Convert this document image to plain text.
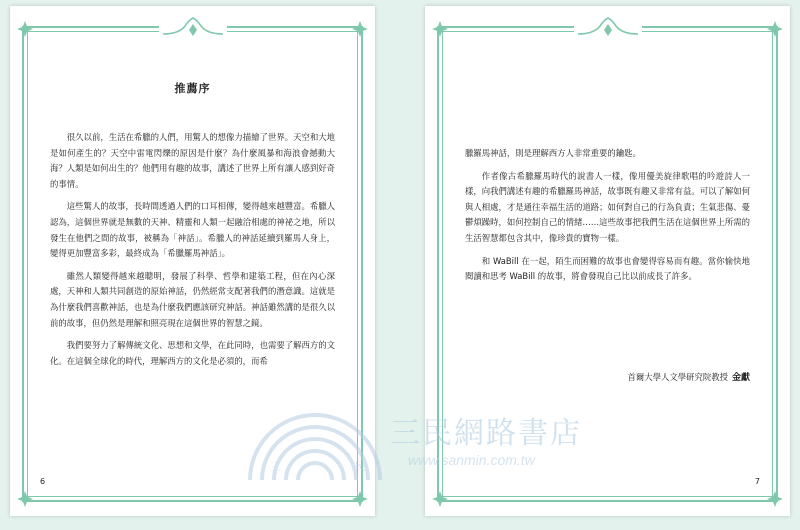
推薦序

很久以前，生活在希臘的人們，用驚人的想像力描繪了世界。天空和大地是如何產生的？天空中雷電閃爍的原因是什麼？為什麼風暴和海浪會撼動大海？人類是如何出生的？他們用有趣的故事，講述了世界上所有讓人感到好奇的事情。

這些驚人的故事，長時間透過人們的口耳相傳，變得越來越豐富。希臘人認為，這個世界就是無數的天神、精靈和人類一起融洽相處的神祕之地，所以發生在他們之間的故事，被稱為「神話」。希臘人的神話延續到羅馬人身上，變得更加豐富多彩，最終成為「希臘羅馬神話」。

雖然人類變得越來越聰明，發展了科學、哲學和建築工程，但在內心深處，天神和人類共同創造的原始神話，仍然經常支配著我們的潛意識。這就是為什麼我們喜歡神話，也是為什麼我們應該研究神話。神話雖然講的是很久以前的故事，但仍然是理解和照亮現在這個世界的智慧之鏡。

我們要努力了解傳統文化、思想和文學，在此同時，也需要了解西方的文化。在這個全球化的時代，理解西方的文化是必須的，而希

6

臘羅馬神話，則是理解西方人非常重要的鑰匙。

作者像古希臘羅馬時代的說書人一樣，像用優美旋律歌唱的吟遊詩人一樣，向我們講述有趣的希臘羅馬神話，故事既有趣又非常有益。可以了解如何與人相處，才是通往幸福生活的道路；如何對自己的行為負責；生氣悲傷、憂鬱煩躁時，如何控制自己的情緒……這些故事把我們生活在這個世界上所需的生活智慧都包含其中，像珍貴的寶物一樣。

和 WaBill 在一起，陌生而困難的故事也會變得容易而有趣。當你愉快地閱讀和思考 WaBill 的故事，將會發現自己比以前成長了許多。

首爾大學人文學研究院教授 金獻
7
三民網路書店
www.sanmin.com.tw
三	民
